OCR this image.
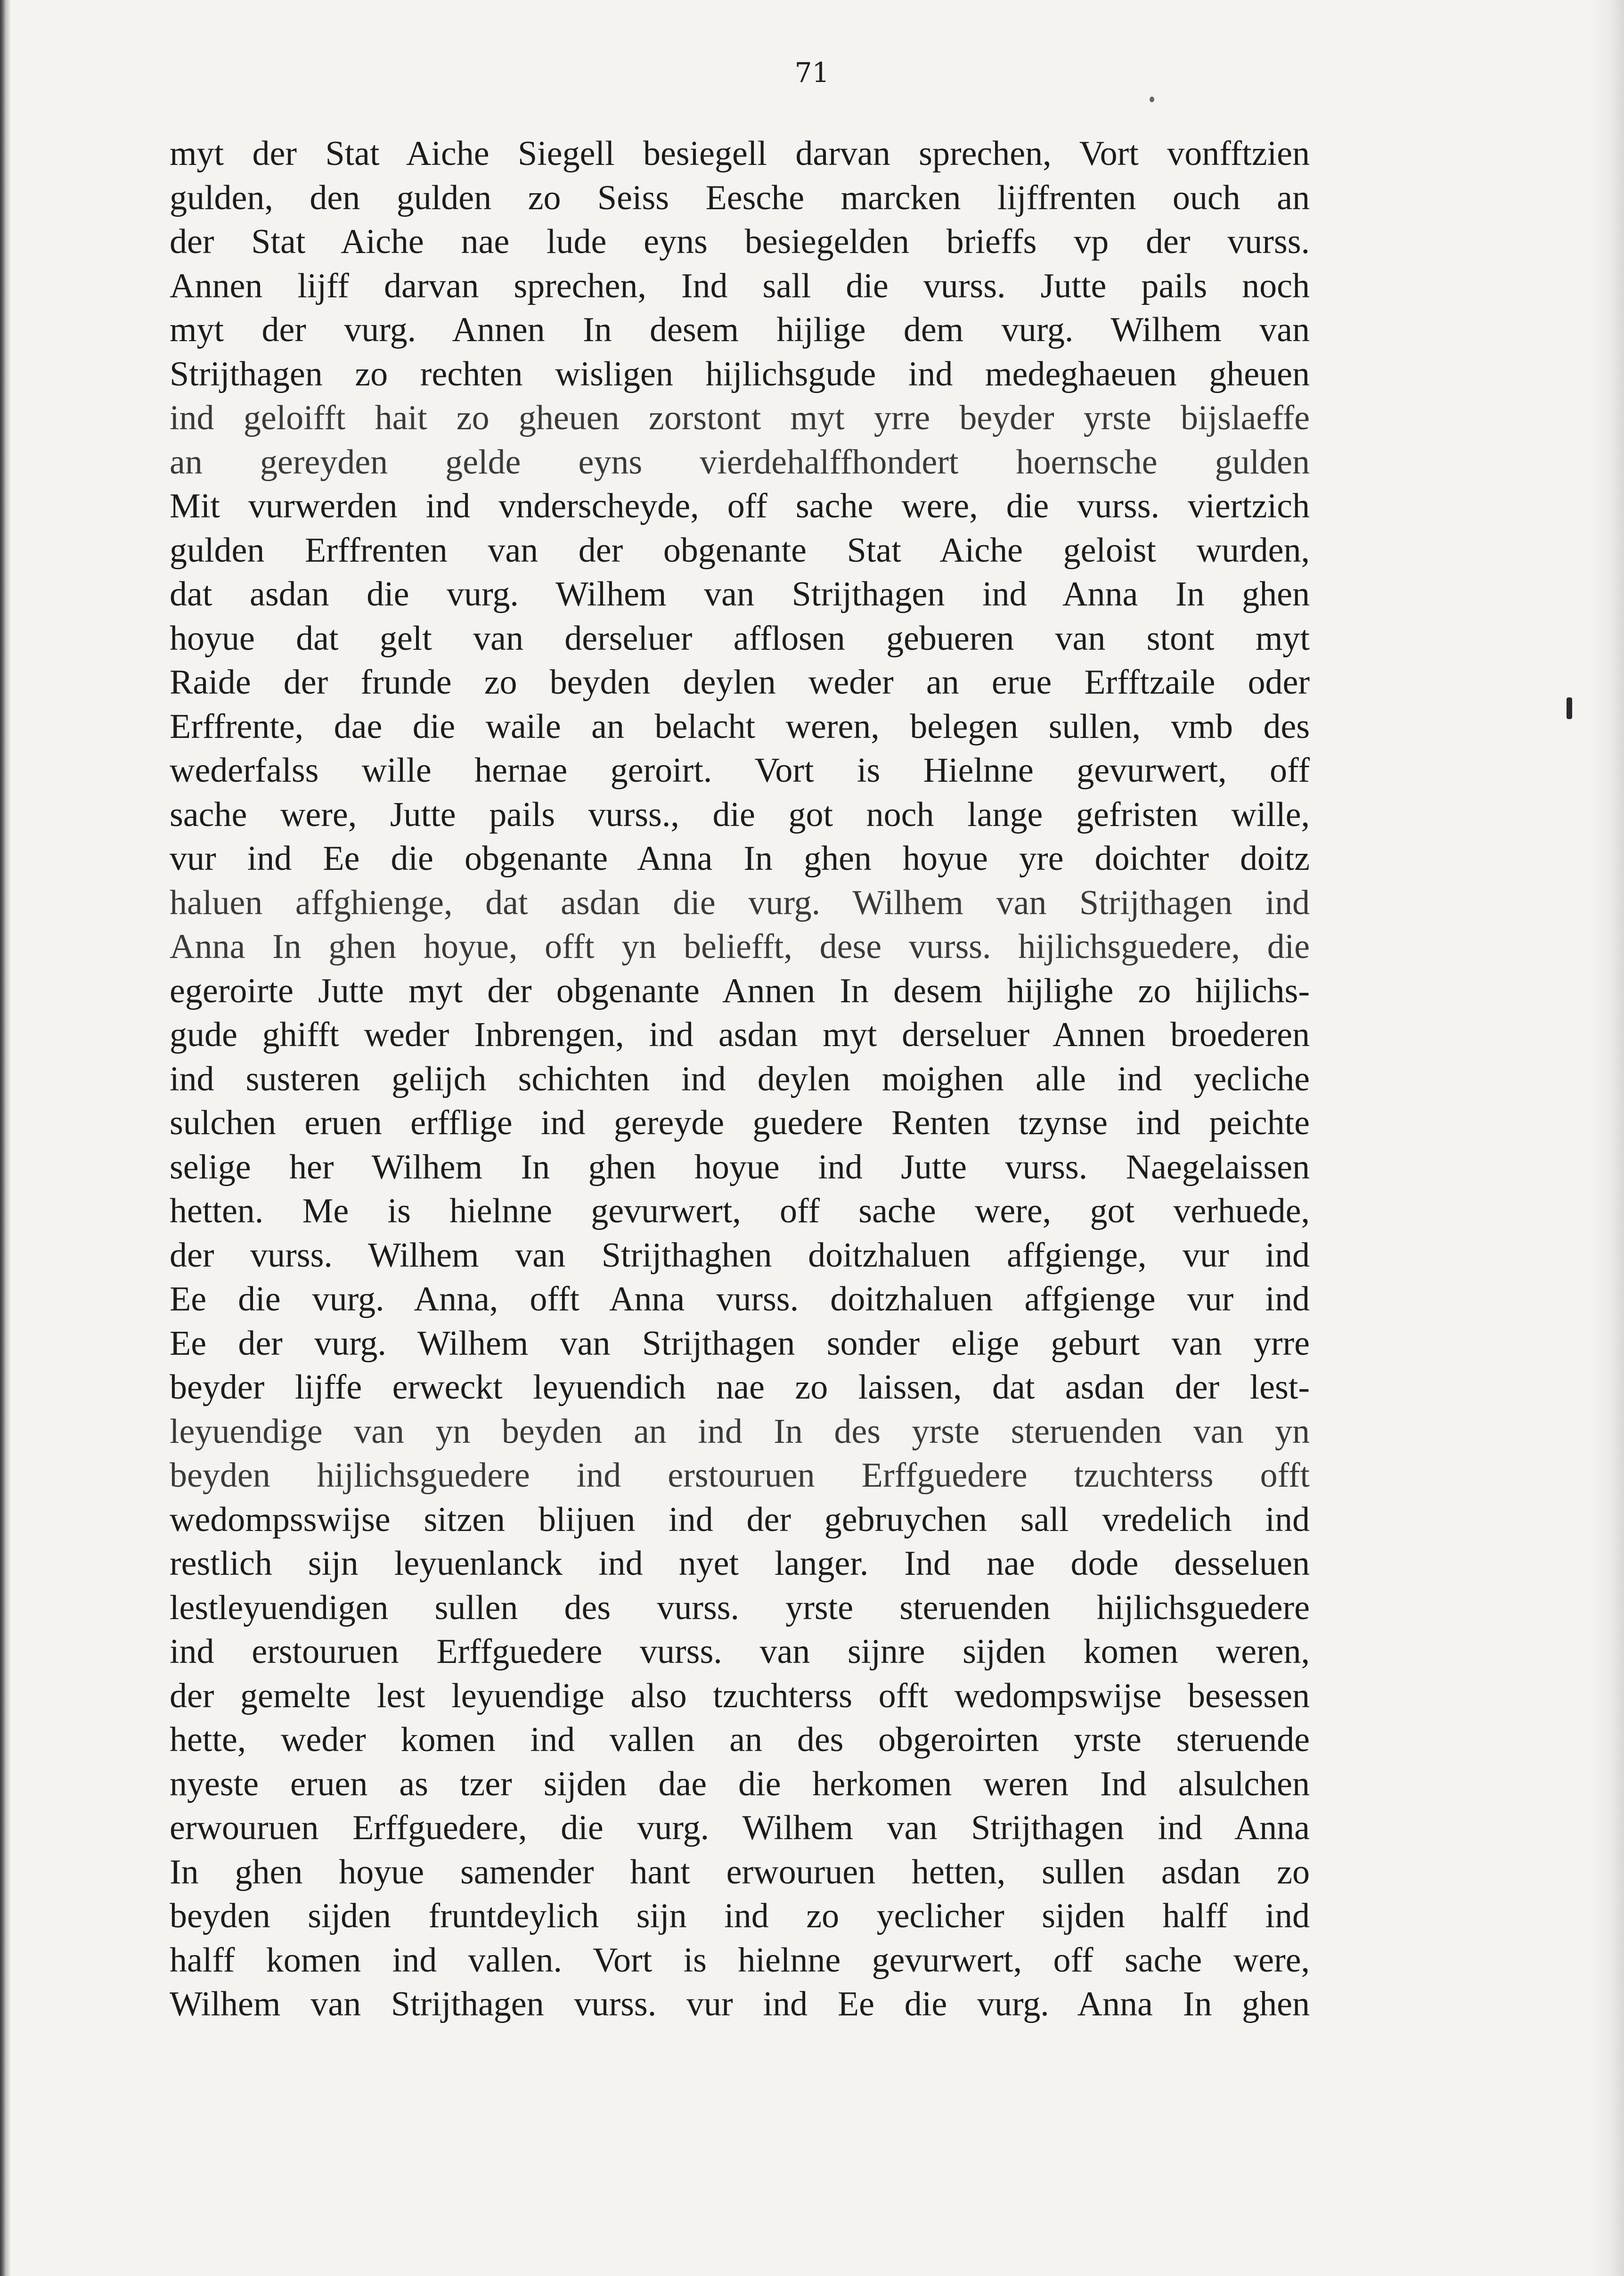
71
myt der Stat Aiche Siegell besiegell darvan sprechen, Vort vonfftzien
gulden, den gulden zo Seiss Eesche marcken lijffrenten ouch an
der Stat Aiche nae lude eyns besiegelden brieffs vp der vurss.
Annen lijff darvan sprechen, Ind sall die vurss. Jutte pails noch
myt der vurg. Annen In desem hijlige dem vurg. Wilhem van
Strijthagen zo rechten wisligen hijlichsgude ind medeghaeuen gheuen
ind geloifft hait zo gheuen zorstont myt yrre beyder yrste bijslaeffe
an gereyden gelde eyns vierdehalffhondert hoernsche gulden
Mit vurwerden ind vnderscheyde, off sache were, die vurss. viertzich
gulden Erffrenten van der obgenante Stat Aiche geloist wurden,
dat asdan die vurg. Wilhem van Strijthagen ind Anna In ghen
hoyue dat gelt van derseluer afflosen gebueren van stont myt
Raide der frunde zo beyden deylen weder an erue Erfftzaile oder
Erffrente, dae die waile an belacht weren, belegen sullen, vmb des
wederfalss wille hernae geroirt. Vort is Hielnne gevurwert, off
sache were, Jutte pails vurss., die got noch lange gefristen wille,
vur ind Ee die obgenante Anna In ghen hoyue yre doichter doitz
haluen affghienge, dat asdan die vurg. Wilhem van Strijthagen ind
Anna In ghen hoyue, offt yn beliefft, dese vurss. hijlichsguedere, die
egeroirte Jutte myt der obgenante Annen In desem hijlighe zo hijlichs-
gude ghifft weder Inbrengen, ind asdan myt derseluer Annen broederen
ind susteren gelijch schichten ind deylen moighen alle ind yecliche
sulchen eruen erfflige ind gereyde guedere Renten tzynse ind peichte
selige her Wilhem In ghen hoyue ind Jutte vurss. Naegelaissen
hetten. Me is hielnne gevurwert, off sache were, got verhuede,
der vurss. Wilhem van Strijthaghen doitzhaluen affgienge, vur ind
Ee die vurg. Anna, offt Anna vurss. doitzhaluen affgienge vur ind
Ee der vurg. Wilhem van Strijthagen sonder elige geburt van yrre
beyder lijffe erweckt leyuendich nae zo laissen, dat asdan der lest-
leyuendige van yn beyden an ind In des yrste steruenden van yn
beyden hijlichsguedere ind erstouruen Erffguedere tzuchterss offt
wedompsswijse sitzen blijuen ind der gebruychen sall vredelich ind
restlich sijn leyuenlanck ind nyet langer. Ind nae dode desseluen
lestleyuendigen sullen des vurss. yrste steruenden hijlichsguedere
ind erstouruen Erffguedere vurss. van sijnre sijden komen weren,
der gemelte lest leyuendige also tzuchterss offt wedompswijse besessen
hette, weder komen ind vallen an des obgeroirten yrste steruende
nyeste eruen as tzer sijden dae die herkomen weren Ind alsulchen
erwouruen Erffguedere, die vurg. Wilhem van Strijthagen ind Anna
In ghen hoyue samender hant erwouruen hetten, sullen asdan zo
beyden sijden fruntdeylich sijn ind zo yeclicher sijden halff ind
halff komen ind vallen. Vort is hielnne gevurwert, off sache were,
Wilhem van Strijthagen vurss. vur ind Ee die vurg. Anna In ghen
